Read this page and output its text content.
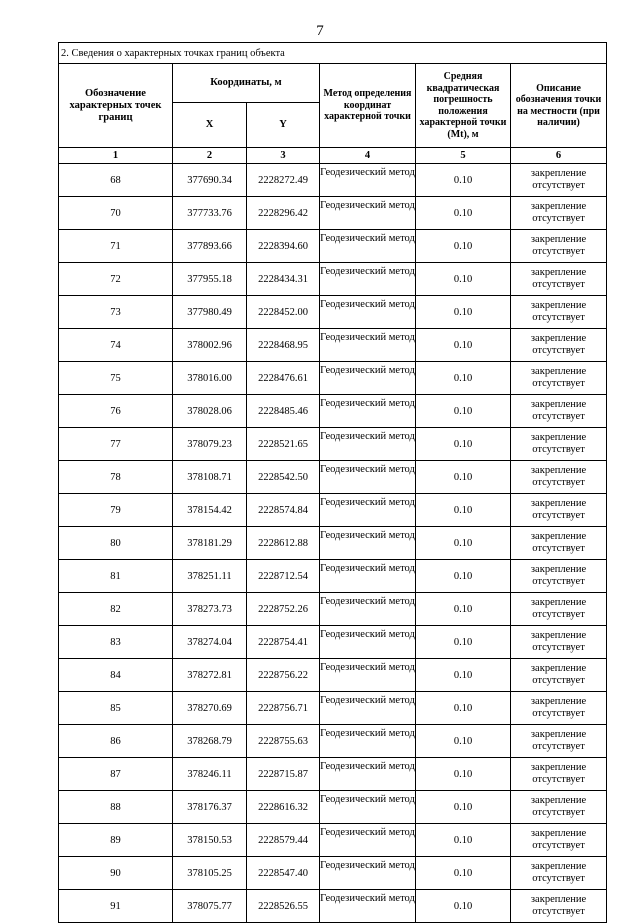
7
2. Сведения о характерных точках границ объекта					
Обозначение характерных точек границ	Координаты, м		Метод определения координат характерной точки	Средняя квадратическая погрешность положения характерной точки (Mt), м	Описание обозначения точки на местности (при наличии)
	X	Y			
1	2	3	4	5	6
68	377690.34	2228272.49	Геодезический метод	0.10	закрепление отсутствует
70	377733.76	2228296.42	Геодезический метод	0.10	закрепление отсутствует
71	377893.66	2228394.60	Геодезический метод	0.10	закрепление отсутствует
72	377955.18	2228434.31	Геодезический метод	0.10	закрепление отсутствует
73	377980.49	2228452.00	Геодезический метод	0.10	закрепление отсутствует
74	378002.96	2228468.95	Геодезический метод	0.10	закрепление отсутствует
75	378016.00	2228476.61	Геодезический метод	0.10	закрепление отсутствует
76	378028.06	2228485.46	Геодезический метод	0.10	закрепление отсутствует
77	378079.23	2228521.65	Геодезический метод	0.10	закрепление отсутствует
78	378108.71	2228542.50	Геодезический метод	0.10	закрепление отсутствует
79	378154.42	2228574.84	Геодезический метод	0.10	закрепление отсутствует
80	378181.29	2228612.88	Геодезический метод	0.10	закрепление отсутствует
81	378251.11	2228712.54	Геодезический метод	0.10	закрепление отсутствует
82	378273.73	2228752.26	Геодезический метод	0.10	закрепление отсутствует
83	378274.04	2228754.41	Геодезический метод	0.10	закрепление отсутствует
84	378272.81	2228756.22	Геодезический метод	0.10	закрепление отсутствует
85	378270.69	2228756.71	Геодезический метод	0.10	закрепление отсутствует
86	378268.79	2228755.63	Геодезический метод	0.10	закрепление отсутствует
87	378246.11	2228715.87	Геодезический метод	0.10	закрепление отсутствует
88	378176.37	2228616.32	Геодезический метод	0.10	закрепление отсутствует
89	378150.53	2228579.44	Геодезический метод	0.10	закрепление отсутствует
90	378105.25	2228547.40	Геодезический метод	0.10	закрепление отсутствует
91	378075.77	2228526.55	Геодезический метод	0.10	закрепление отсутствует
